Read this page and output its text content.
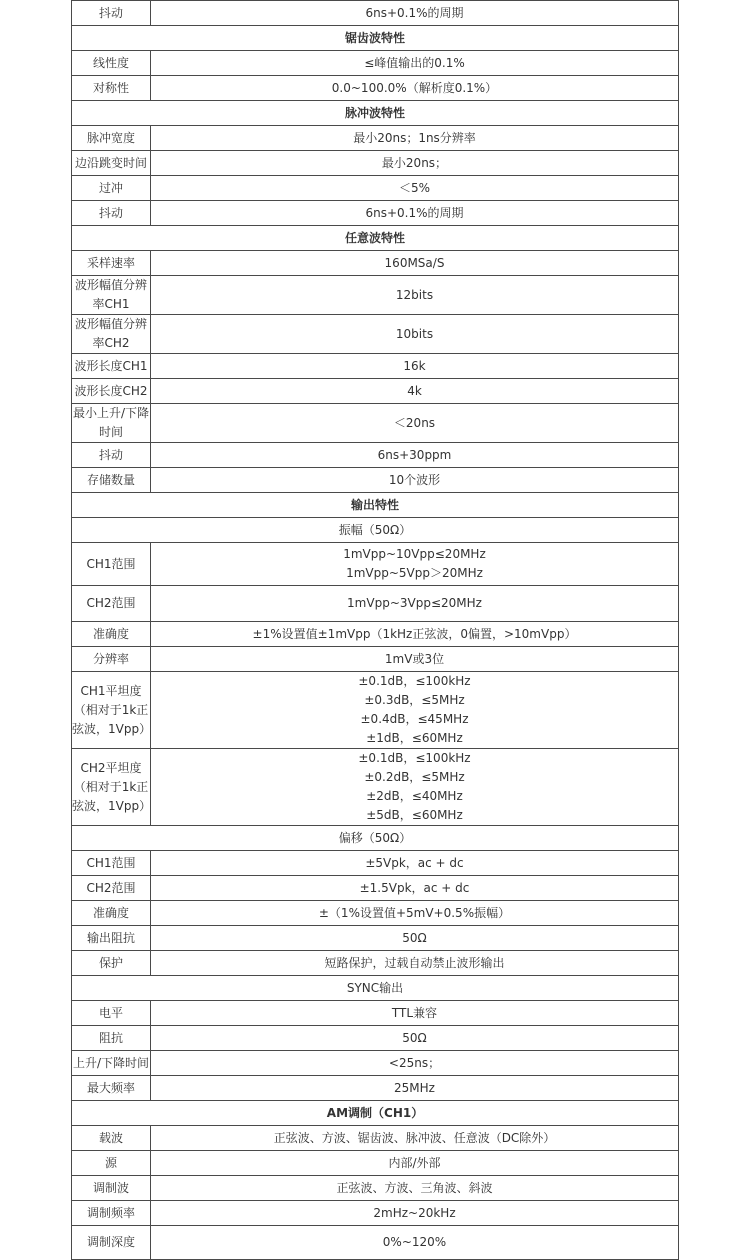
抖动	6ns+0.1%的周期

锯齿波特性	

线性度	≤峰值输出的0.1%

对称性	0.0~100.0%（解析度0.1%）

脉冲波特性	

脉冲宽度	最小20ns；1ns分辨率

边沿跳变时间	最小20ns；

过冲	＜5%

抖动	6ns+0.1%的周期

任意波特性	

采样速率	160MSa/S

波形幅值分辨
率CH1	12bits

波形幅值分辨
率CH2	10bits

波形长度CH1	16k

波形长度CH2	4k

最小上升/下降
时间	＜20ns

抖动	6ns+30ppm

存储数量	10个波形

输出特性	
振幅（50Ω）	

CH1范围	1mVpp~10Vpp≤20MHz
1mVpp~5Vpp＞20MHz

CH2范围	1mVpp~3Vpp≤20MHz

准确度	±1%设置值±1mVpp（1kHz正弦波，0偏置，>10mVpp）

分辨率	1mV或3位

CH1平坦度
（相对于1k正
弦波，1Vpp）	±0.1dB，≤100kHz
±0.3dB，≤5MHz
±0.4dB，≤45MHz
±1dB，≤60MHz

CH2平坦度
（相对于1k正
弦波，1Vpp）	±0.1dB，≤100kHz
±0.2dB，≤5MHz
±2dB，≤40MHz
±5dB，≤60MHz

偏移（50Ω）	

CH1范围	±5Vpk，ac + dc

CH2范围	±1.5Vpk，ac + dc

准确度	±（1%设置值+5mV+0.5%振幅）

输出阻抗	50Ω

保护	短路保护，过载自动禁止波形输出

SYNC输出	

电平	TTL兼容

阻抗	50Ω

上升/下降时间	<25ns；

最大频率	25MHz

AM调制（CH1）	

载波	正弦波、方波、锯齿波、脉冲波、任意波（DC除外）

源	内部/外部

调制波	正弦波、方波、三角波、斜波

调制频率	2mHz~20kHz

调制深度	0%~120%
